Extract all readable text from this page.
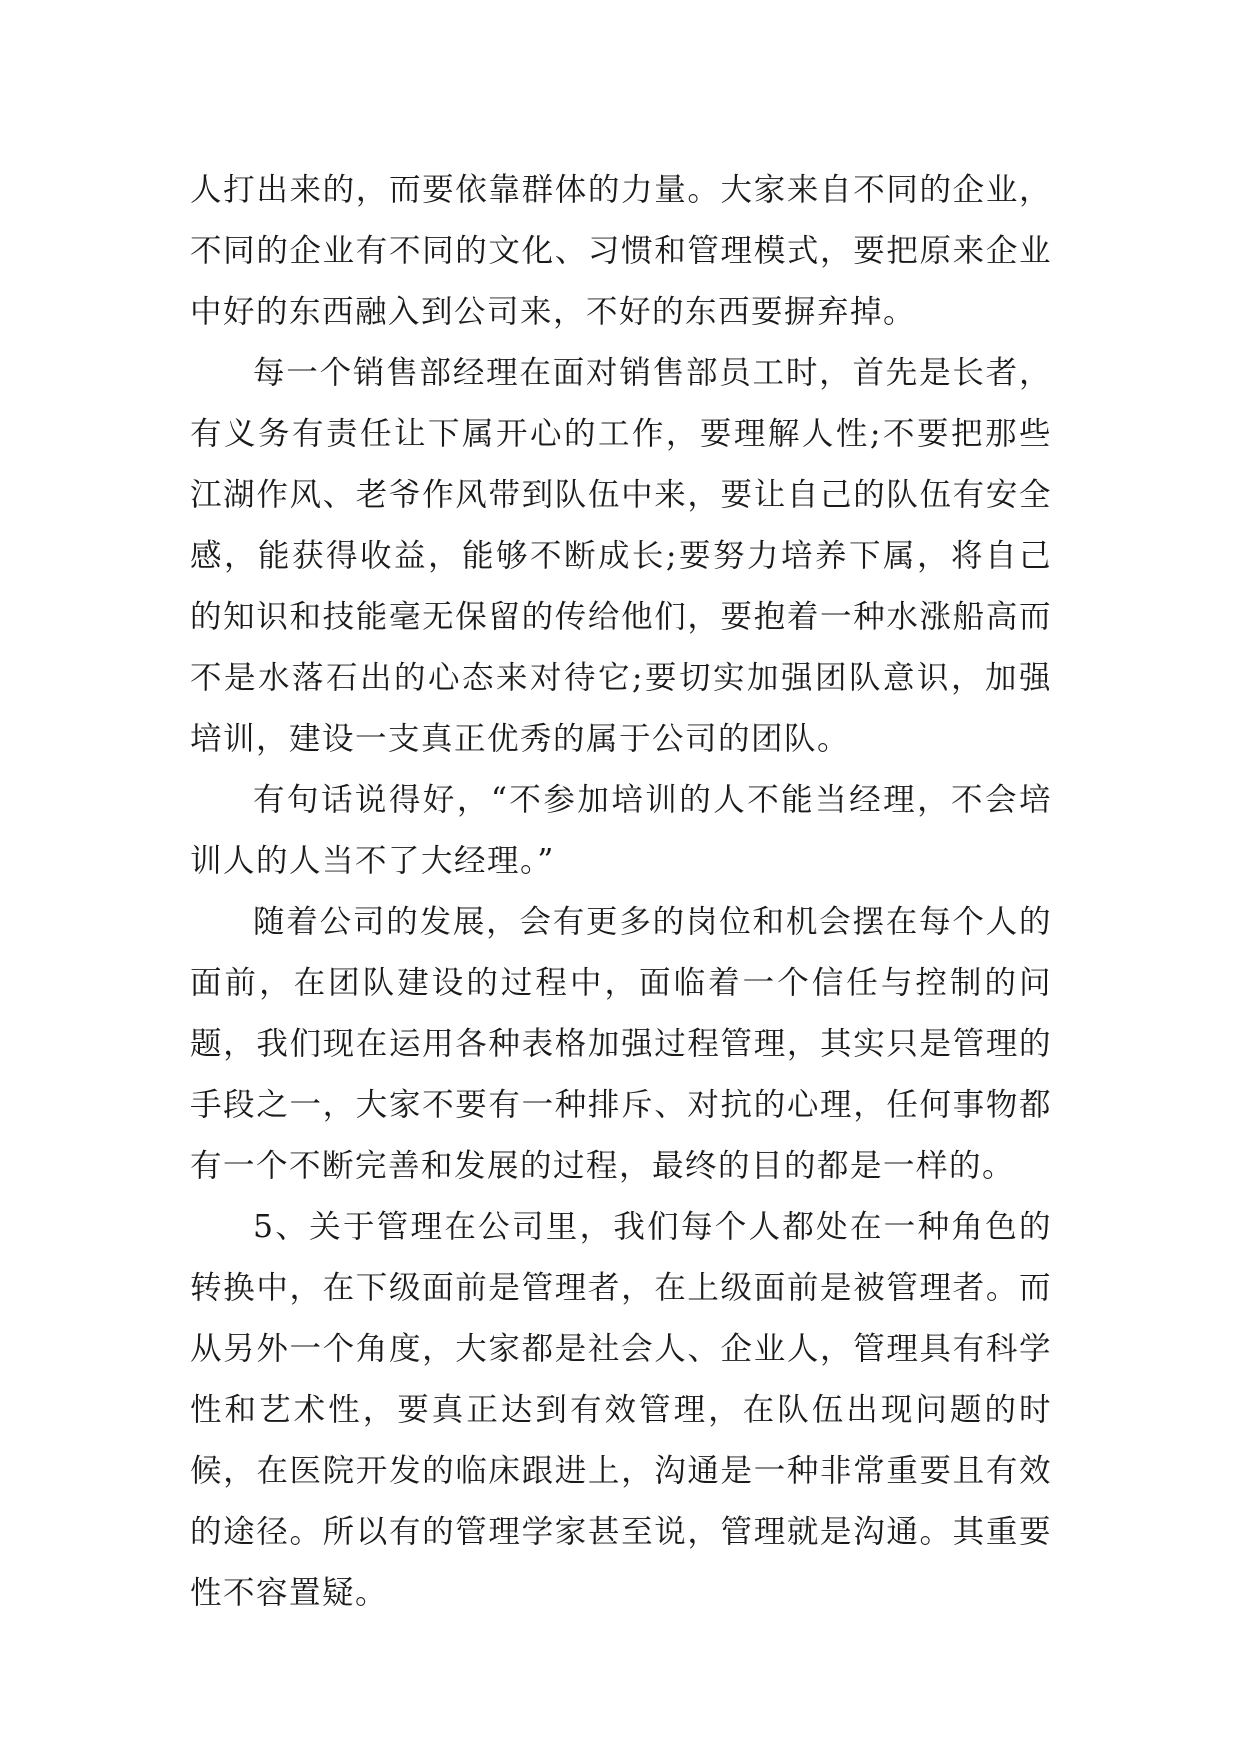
人打出来的，而要依靠群体的力量。大家来自不同的企业，不同的企业有不同的文化、习惯和管理模式，要把原来企业中好的东西融入到公司来，不好的东西要摒弃掉。

每一个销售部经理在面对销售部员工时，首先是长者，有义务有责任让下属开心的工作，要理解人性;不要把那些江湖作风、老爷作风带到队伍中来，要让自己的队伍有安全感，能获得收益，能够不断成长;要努力培养下属，将自己的知识和技能毫无保留的传给他们，要抱着一种水涨船高而不是水落石出的心态来对待它;要切实加强团队意识，加强培训，建设一支真正优秀的属于公司的团队。

有句话说得好，“不参加培训的人不能当经理，不会培训人的人当不了大经理。”

随着公司的发展，会有更多的岗位和机会摆在每个人的面前，在团队建设的过程中，面临着一个信任与控制的问题，我们现在运用各种表格加强过程管理，其实只是管理的手段之一，大家不要有一种排斥、对抗的心理，任何事物都有一个不断完善和发展的过程，最终的目的都是一样的。

5、关于管理在公司里，我们每个人都处在一种角色的转换中，在下级面前是管理者，在上级面前是被管理者。而从另外一个角度，大家都是社会人、企业人，管理具有科学性和艺术性，要真正达到有效管理，在队伍出现问题的时候，在医院开发的临床跟进上，沟通是一种非常重要且有效的途径。所以有的管理学家甚至说，管理就是沟通。其重要性不容置疑。
